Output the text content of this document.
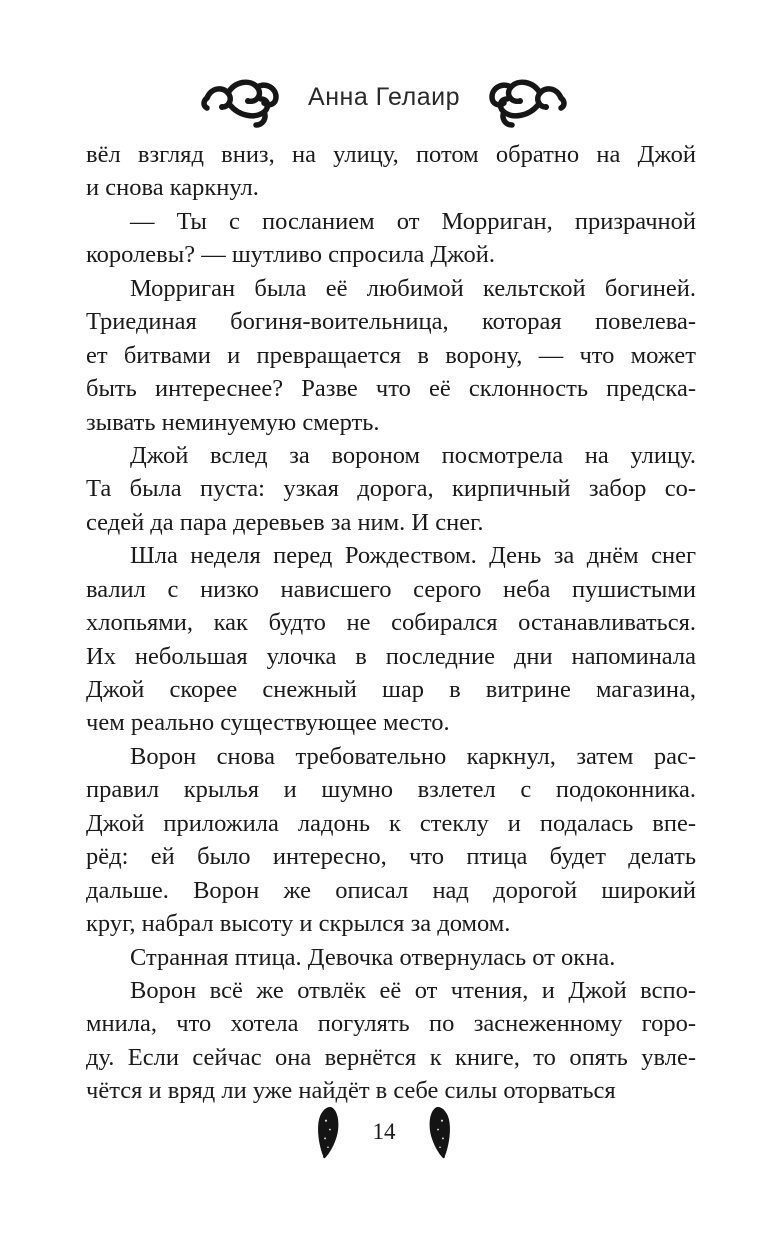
Анна Гелаир
вёл взгляд вниз, на улицу, потом обратно на Джой
и снова каркнул.
— Ты с посланием от Морриган, призрачной
королевы? — шутливо спросила Джой.
Морриган была её любимой кельтской богиней.
Триединая богиня-воительница, которая повелева-
ет битвами и превращается в ворону, — что может
быть интереснее? Разве что её склонность предска-
зывать неминуемую смерть.
Джой вслед за вороном посмотрела на улицу.
Та была пуста: узкая дорога, кирпичный забор со-
седей да пара деревьев за ним. И снег.
Шла неделя перед Рождеством. День за днём снег
валил с низко нависшего серого неба пушистыми
хлопьями, как будто не собирался останавливаться.
Их небольшая улочка в последние дни напоминала
Джой скорее снежный шар в витрине магазина,
чем реально существующее место.
Ворон снова требовательно каркнул, затем рас-
правил крылья и шумно взлетел с подоконника.
Джой приложила ладонь к стеклу и подалась впе-
рёд: ей было интересно, что птица будет делать
дальше. Ворон же описал над дорогой широкий
круг, набрал высоту и скрылся за домом.
Странная птица. Девочка отвернулась от окна.
Ворон всё же отвлёк её от чтения, и Джой вспо-
мнила, что хотела погулять по заснеженному горо-
ду. Если сейчас она вернётся к книге, то опять увле-
чётся и вряд ли уже найдёт в себе силы оторваться
14
